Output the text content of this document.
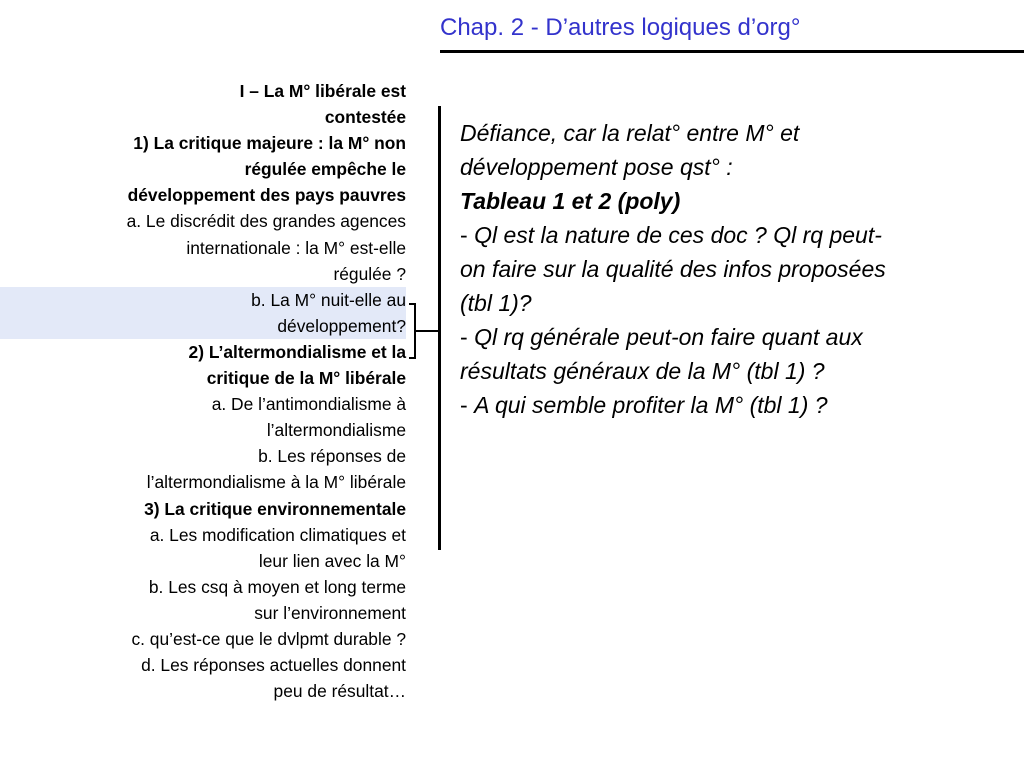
Chap. 2 - D’autres logiques d’org°
I – La M° libérale est
contestée
1) La critique majeure : la M° non
régulée empêche le
développement des pays pauvres
a. Le discrédit des grandes agences
internationale : la M° est-elle
régulée ?
b. La M° nuit-elle au
développement?
2) L’altermondialisme et la
critique de la M° libérale
a. De l’antimondialisme à
l’altermondialisme
b. Les réponses de
l’altermondialisme à la M° libérale
3) La critique environnementale
a. Les modification climatiques et
leur lien avec la M°
b. Les csq à moyen et long terme
sur l’environnement
c. qu’est-ce que le dvlpmt durable ?
d. Les réponses actuelles donnent
peu de résultat…
Défiance, car la relat° entre M° et
développement pose qst° :
Tableau 1 et 2 (poly)
- Ql est la nature de ces doc ? Ql rq peut-
on faire sur la qualité des infos proposées
(tbl 1)?
- Ql rq générale peut-on faire quant aux
résultats généraux de la M° (tbl 1) ?
- A qui semble profiter la M° (tbl 1) ?
